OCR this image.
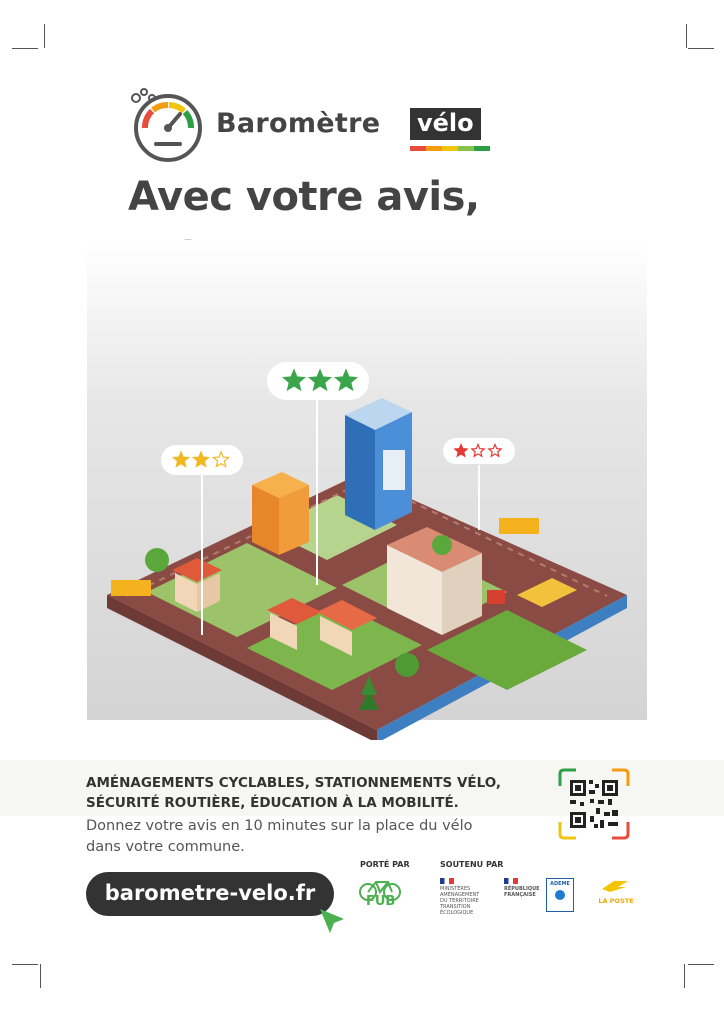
Baromètre vélo
Avec votre avis,
AMÉNAGEMENTS CYCLABLES, STATIONNEMENTS VÉLO,
SÉCURITÉ ROUTIÈRE, ÉDUCATION À LA MOBILITÉ.
Donnez votre avis en 10 minutes sur la place du vélo
dans votre commune.
barometre-velo.fr
PORTÉ PAR	SOUTENU PAR
FUB
MINISTÈRES
AMÉNAGEMENT
DU TERRITOIRE
TRANSITION
ÉCOLOGIQUE
RÉPUBLIQUE
FRANÇAISE
ADEME
LA POSTE
